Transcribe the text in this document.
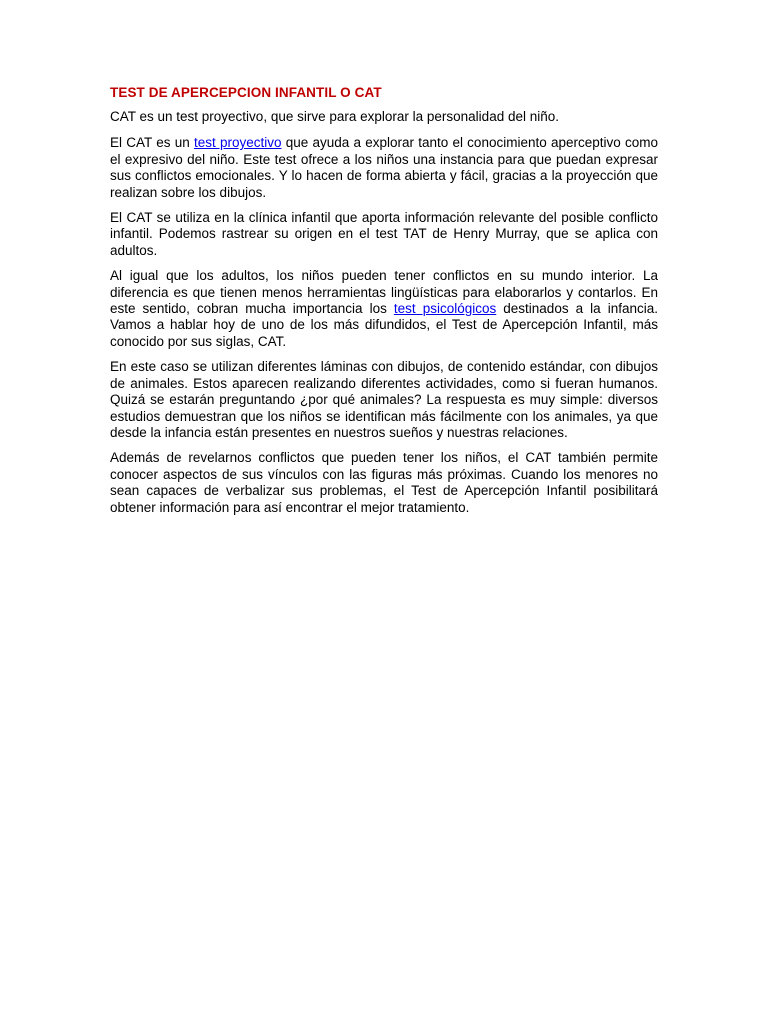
TEST DE APERCEPCION INFANTIL O CAT

CAT es un test proyectivo, que sirve para explorar la personalidad del niño.

El CAT es un test proyectivo que ayuda a explorar tanto el conocimiento aperceptivo como el expresivo del niño. Este test ofrece a los niños una instancia para que puedan expresar sus conflictos emocionales. Y lo hacen de forma abierta y fácil, gracias a la proyección que realizan sobre los dibujos.

El CAT se utiliza en la clínica infantil que aporta información relevante del posible conflicto infantil. Podemos rastrear su origen en el test TAT de Henry Murray, que se aplica con adultos.

Al igual que los adultos, los niños pueden tener conflictos en su mundo interior. La diferencia es que tienen menos herramientas lingüísticas para elaborarlos y contarlos. En este sentido, cobran mucha importancia los test psicológicos destinados a la infancia. Vamos a hablar hoy de uno de los más difundidos, el Test de Apercepción Infantil, más conocido por sus siglas, CAT.

En este caso se utilizan diferentes láminas con dibujos, de contenido estándar, con dibujos de animales. Estos aparecen realizando diferentes actividades, como si fueran humanos. Quizá se estarán preguntando ¿por qué animales? La respuesta es muy simple: diversos estudios demuestran que los niños se identifican más fácilmente con los animales, ya que desde la infancia están presentes en nuestros sueños y nuestras relaciones.

Además de revelarnos conflictos que pueden tener los niños, el CAT también permite conocer aspectos de sus vínculos con las figuras más próximas. Cuando los menores no sean capaces de verbalizar sus problemas, el Test de Apercepción Infantil posibilitará obtener información para así encontrar el mejor tratamiento.
